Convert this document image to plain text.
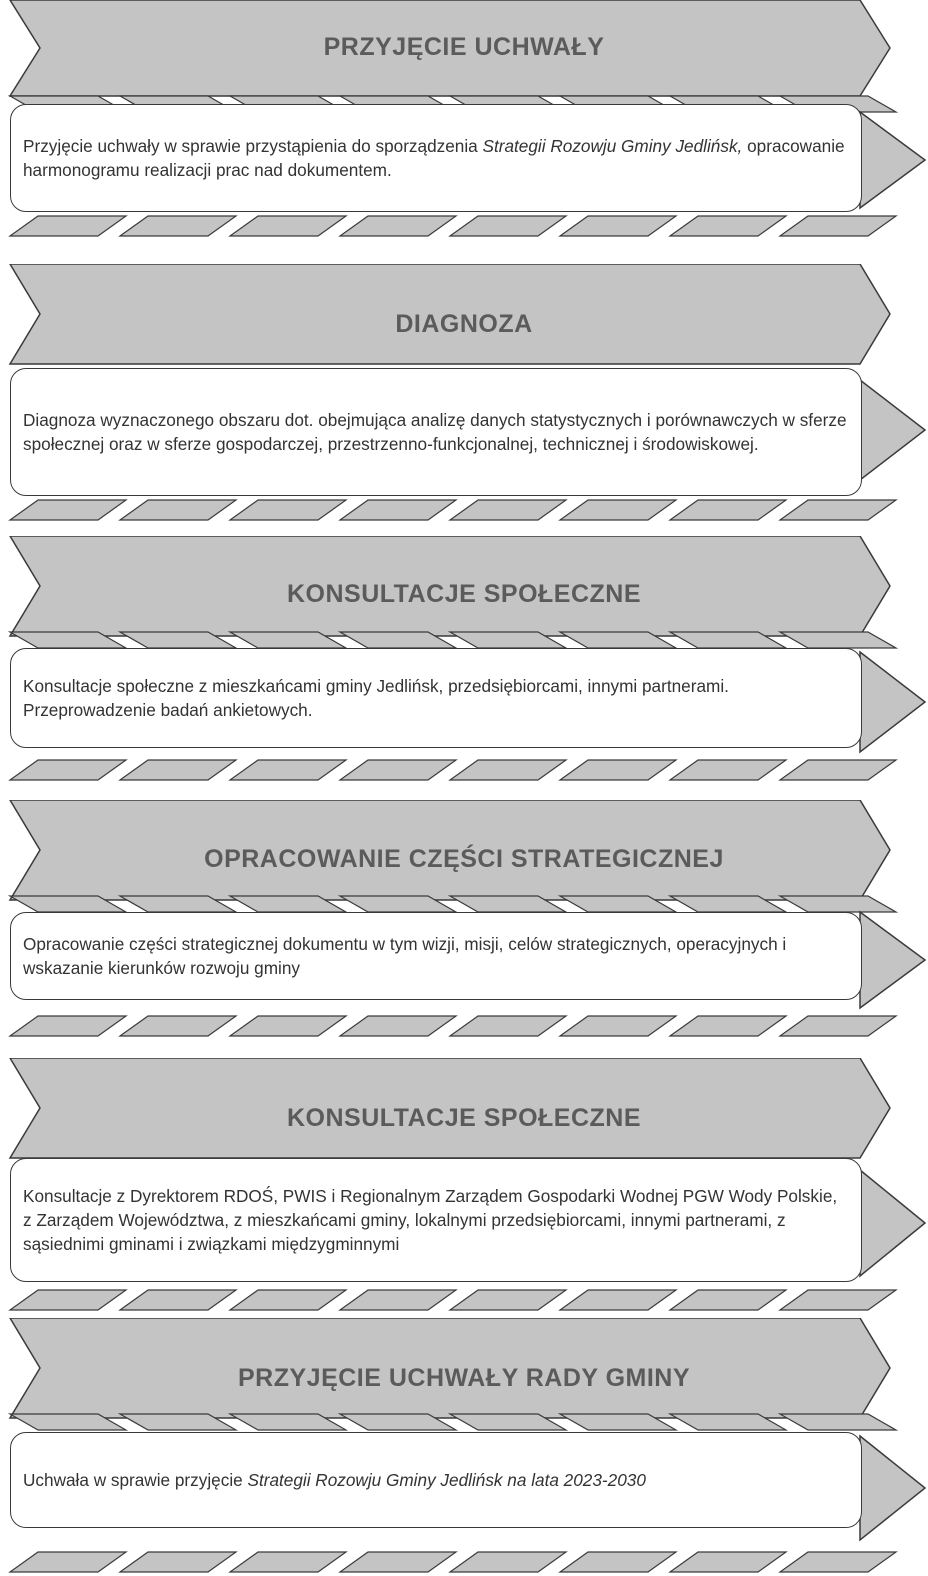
PRZYJĘCIE UCHWAŁY
Przyjęcie uchwały w sprawie przystąpienia do sporządzenia Strategii Rozowju Gminy Jedlińsk, opracowanie harmonogramu realizacji prac nad dokumentem.
DIAGNOZA
Diagnoza wyznaczonego obszaru dot. obejmująca analizę danych statystycznych i porównawczych w sferze społecznej oraz w sferze gospodarczej, przestrzenno-funkcjonalnej, technicznej i środowiskowej.
KONSULTACJE SPOŁECZNE
Konsultacje społeczne z mieszkańcami gminy Jedlińsk, przedsiębiorcami, innymi partnerami. Przeprowadzenie badań ankietowych.
OPRACOWANIE CZĘŚCI STRATEGICZNEJ
Opracowanie części strategicznej dokumentu w tym wizji, misji, celów strategicznych, operacyjnych i wskazanie kierunków rozwoju gminy
KONSULTACJE SPOŁECZNE
Konsultacje z Dyrektorem RDOŚ, PWIS i Regionalnym Zarządem Gospodarki Wodnej PGW Wody Polskie, z Zarządem Województwa, z mieszkańcami gminy, lokalnymi przedsiębiorcami, innymi partnerami, z sąsiednimi gminami i związkami międzygminnymi
PRZYJĘCIE UCHWAŁY RADY GMINY
Uchwała w sprawie przyjęcie Strategii Rozowju Gminy Jedlińsk na lata 2023-2030
